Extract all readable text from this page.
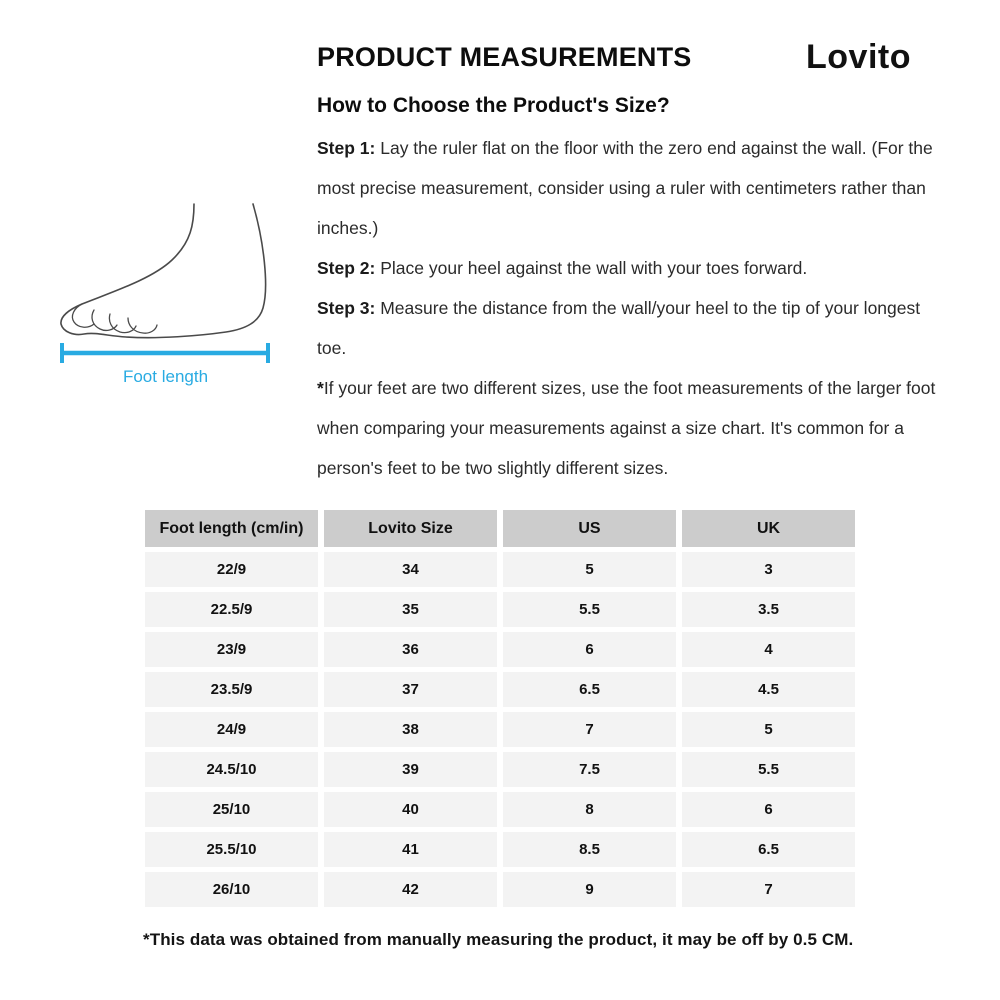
PRODUCT MEASUREMENTS	Lovito
How to Choose the Product's Size?

Step 1: Lay the ruler flat on the floor with the zero end against the wall. (For the most precise measurement, consider using a ruler with centimeters rather than inches.)

Step 2: Place your heel against the wall with your toes forward.

Step 3: Measure the distance from the wall/your heel to the tip of your longest toe.

*If your feet are two different sizes, use the foot measurements of the larger foot when comparing your measurements against a size chart. It's common for a person's feet to be two slightly different sizes.

Foot length
Foot length (cm/in)	Lovito Size	US	UK
22/9	34	5	3
22.5/9	35	5.5	3.5
23/9	36	6	4
23.5/9	37	6.5	4.5
24/9	38	7	5
24.5/10	39	7.5	5.5
25/10	40	8	6
25.5/10	41	8.5	6.5
26/10	42	9	7
*This data was obtained from manually measuring the product, it may be off by 0.5 CM.
